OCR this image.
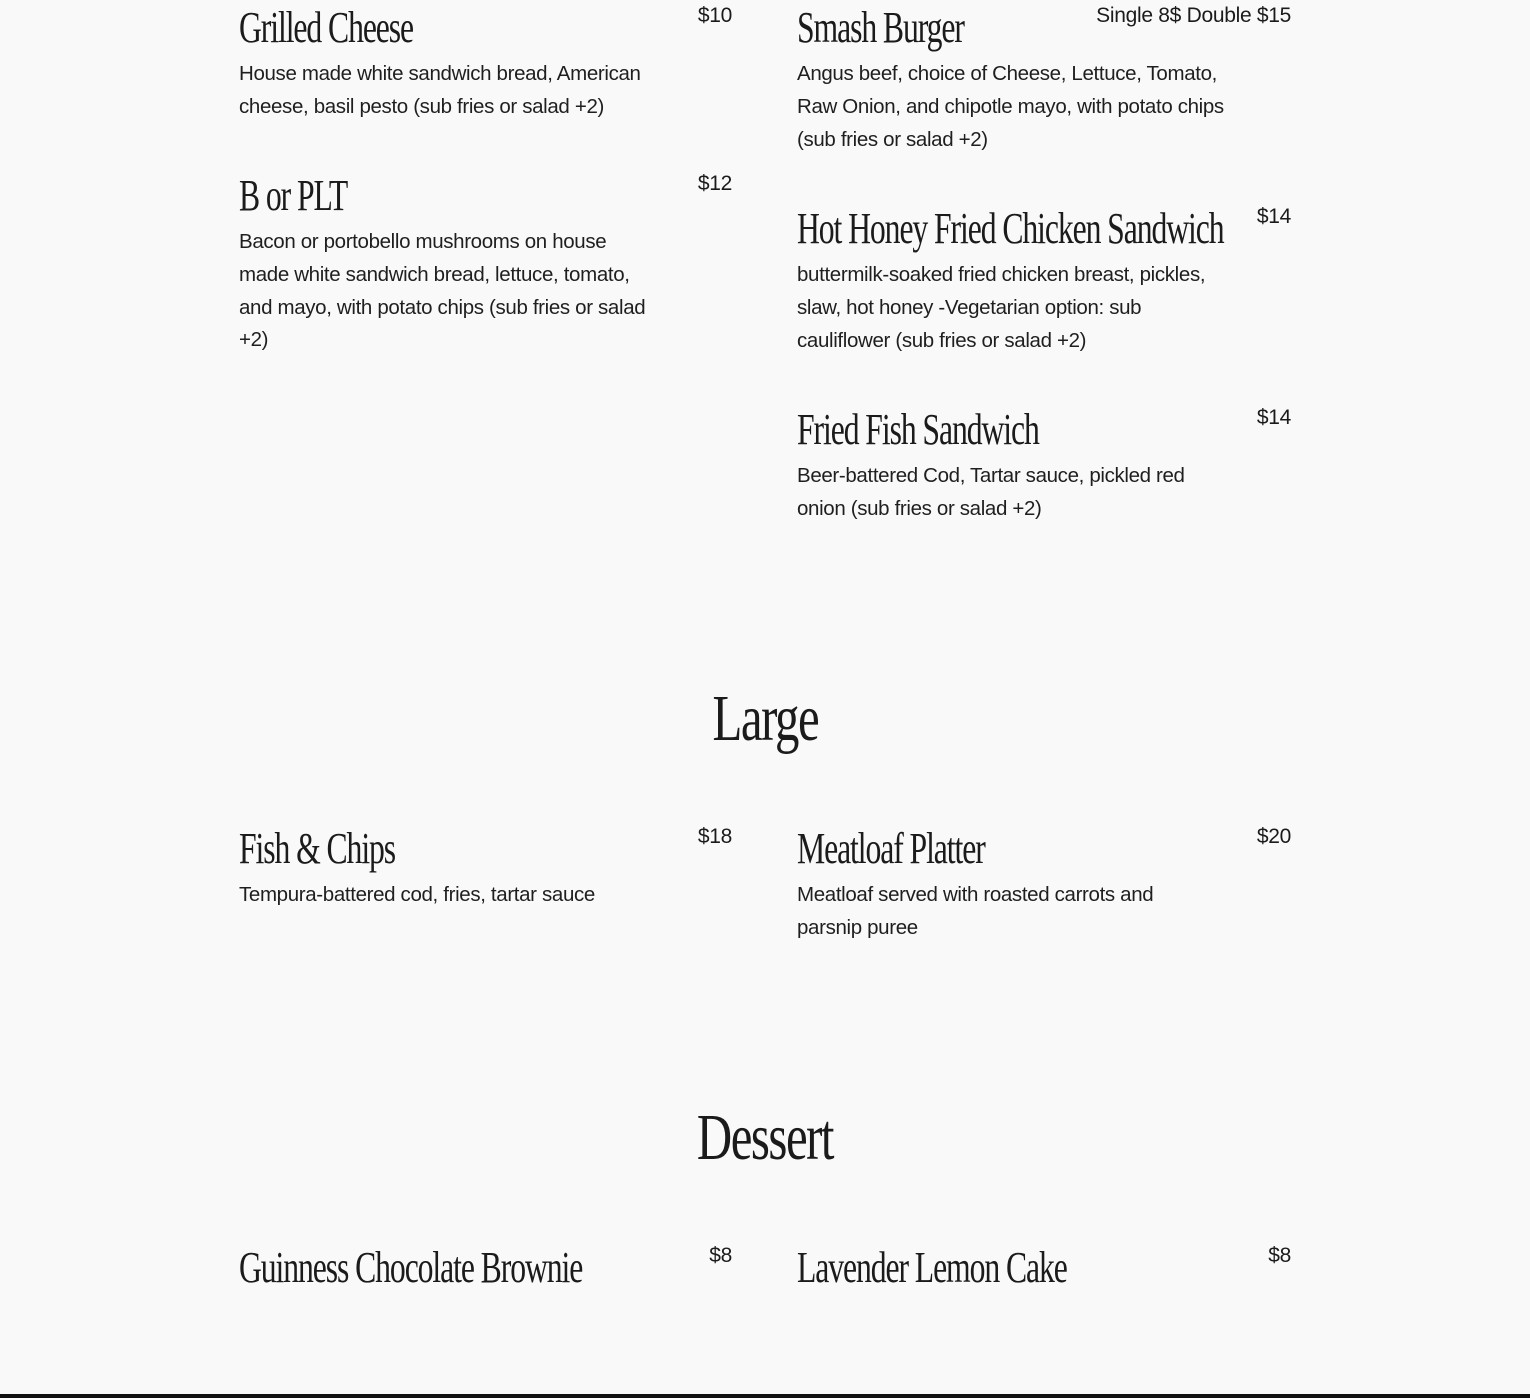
Grilled Cheese	$10
House made white sandwich bread, American cheese, basil pesto (sub fries or salad +2)
Smash Burger	Single 8$ Double $15
Angus beef, choice of Cheese, Lettuce, Tomato, Raw Onion, and chipotle mayo, with potato chips (sub fries or salad +2)
B or PLT	$12
Bacon or portobello mushrooms on house made white sandwich bread, lettuce, tomato, and mayo, with potato chips (sub fries or salad +2)
Hot Honey Fried Chicken Sandwich $14
buttermilk-soaked fried chicken breast, pickles, slaw, hot honey -Vegetarian option: sub cauliflower (sub fries or salad +2)
Fried Fish Sandwich	$14
Beer-battered Cod, Tartar sauce, pickled red onion (sub fries or salad +2)
Large
Fish & Chips	$18
Tempura-battered cod, fries, tartar sauce
Meatloaf Platter	$20
Meatloaf served with roasted carrots and parsnip puree
Dessert
Guinness Chocolate Brownie	$8 Lavender Lemon Cake	$8
